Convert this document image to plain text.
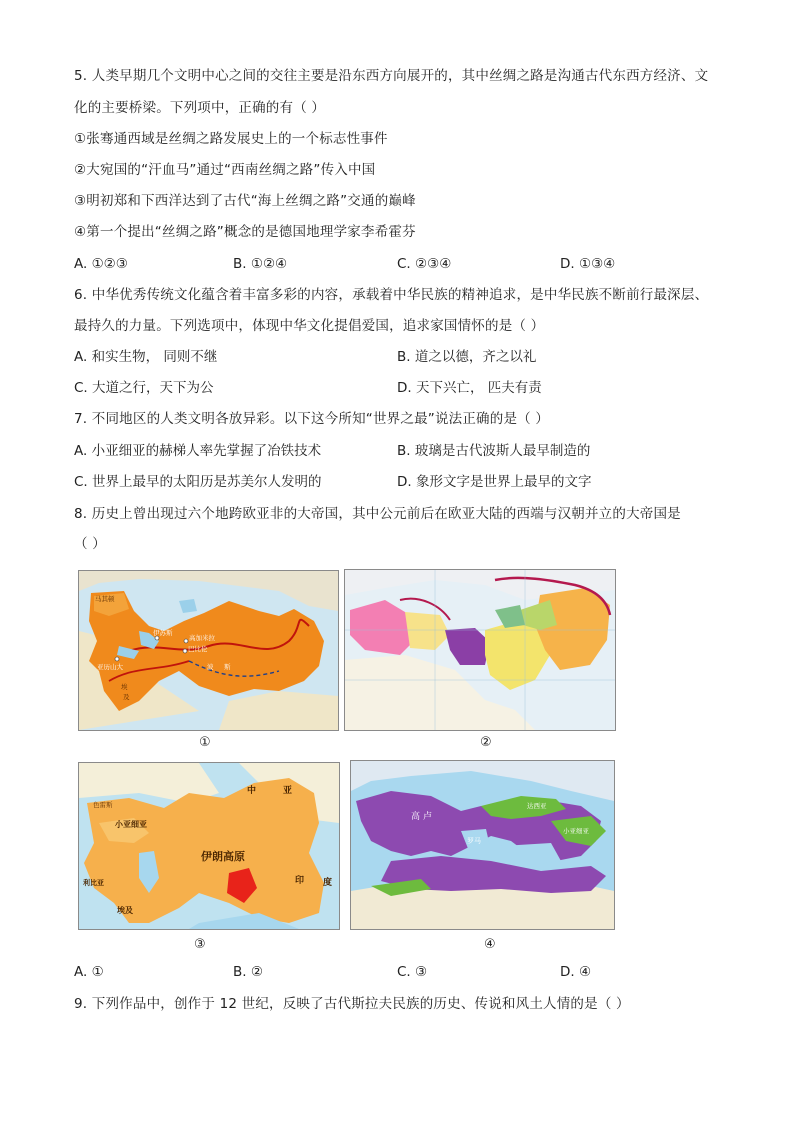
5. 人类早期几个文明中心之间的交往主要是沿东西方向展开的，其中丝绸之路是沟通古代东西方经济、文
化的主要桥梁。下列项中，正确的有（ ）
①张骞通西域是丝绸之路发展史上的一个标志性事件
②大宛国的“汗血马”通过“西南丝绸之路”传入中国
③明初郑和下西洋达到了古代“海上丝绸之路”交通的巅峰
④第一个提出“丝绸之路”概念的是德国地理学家李希霍芬
A. ①②③	B. ①②④	C. ②③④	D. ①③④
6. 中华优秀传统文化蕴含着丰富多彩的内容，承载着中华民族的精神追求，是中华民族不断前行最深层、
最持久的力量。下列选项中，体现中华文化提倡爱国，追求家国情怀的是（ ）
A. 和实生物， 同则不继	B. 道之以德，齐之以礼
C. 大道之行，天下为公	D. 天下兴亡， 匹夫有责
7. 不同地区的人类文明各放异彩。以下这今所知“世界之最”说法正确的是（ ）
A. 小亚细亚的赫梯人率先掌握了冶铁技术	B. 玻璃是古代波斯人最早制造的
C. 世界上最早的太阳历是苏美尔人发明的	D. 象形文字是世界上最早的文字
8. 历史上曾出现过六个地跨欧亚非的大帝国，其中公元前后在欧亚大陆的西端与汉朝并立的大帝国是
（ ）
马其顿
伊苏斯
亚历山大
高加米拉
巴比伦
波 斯
埃
及
①	②
色雷斯
小亚细亚
伊朗高原
中	亚
印 度
利比亚
埃及
③
高 卢
罗马
达西亚
小亚细亚
④
A. ①	B. ②	C. ③	D. ④
9. 下列作品中，创作于 12 世纪，反映了古代斯拉夫民族的历史、传说和风土人情的是（ ）
